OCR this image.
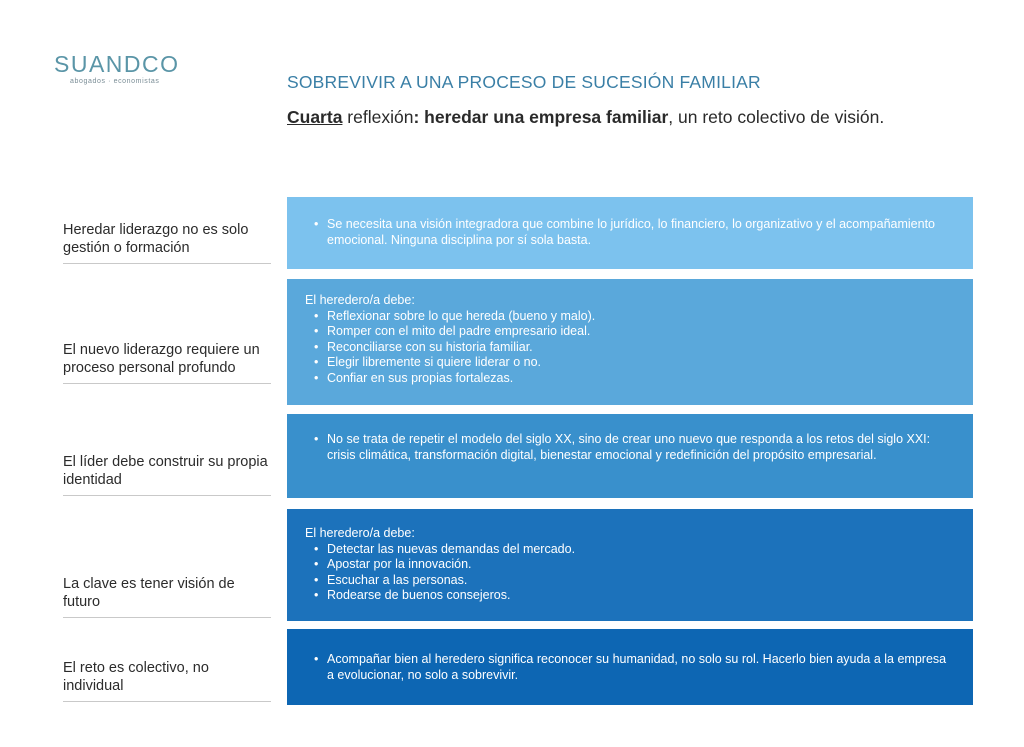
SUANDCO
abogados · economistas	SOBREVIVIR A UNA PROCESO DE SUCESIÓN FAMILIAR
Cuarta reflexión: heredar una empresa familiar, un reto colectivo de visión.
Heredar liderazgo no es solo gestión o formación
• Se necesita una visión integradora que combine lo jurídico, lo financiero, lo organizativo y el acompañamiento emocional. Ninguna disciplina por sí sola basta.
El nuevo liderazgo requiere un proceso personal profundo
El heredero/a debe:
• Reflexionar sobre lo que hereda (bueno y malo).
• Romper con el mito del padre empresario ideal.
• Reconciliarse con su historia familiar.
• Elegir libremente si quiere liderar o no.
• Confiar en sus propias fortalezas.
El líder debe construir su propia identidad
• No se trata de repetir el modelo del siglo XX, sino de crear uno nuevo que responda a los retos del siglo XXI: crisis climática, transformación digital, bienestar emocional y redefinición del propósito empresarial.
La clave es tener visión de futuro
El heredero/a debe:
• Detectar las nuevas demandas del mercado.
• Apostar por la innovación.
• Escuchar a las personas.
• Rodearse de buenos consejeros.
El reto es colectivo, no individual
• Acompañar bien al heredero significa reconocer su humanidad, no solo su rol. Hacerlo bien ayuda a la empresa a evolucionar, no solo a sobrevivir.
